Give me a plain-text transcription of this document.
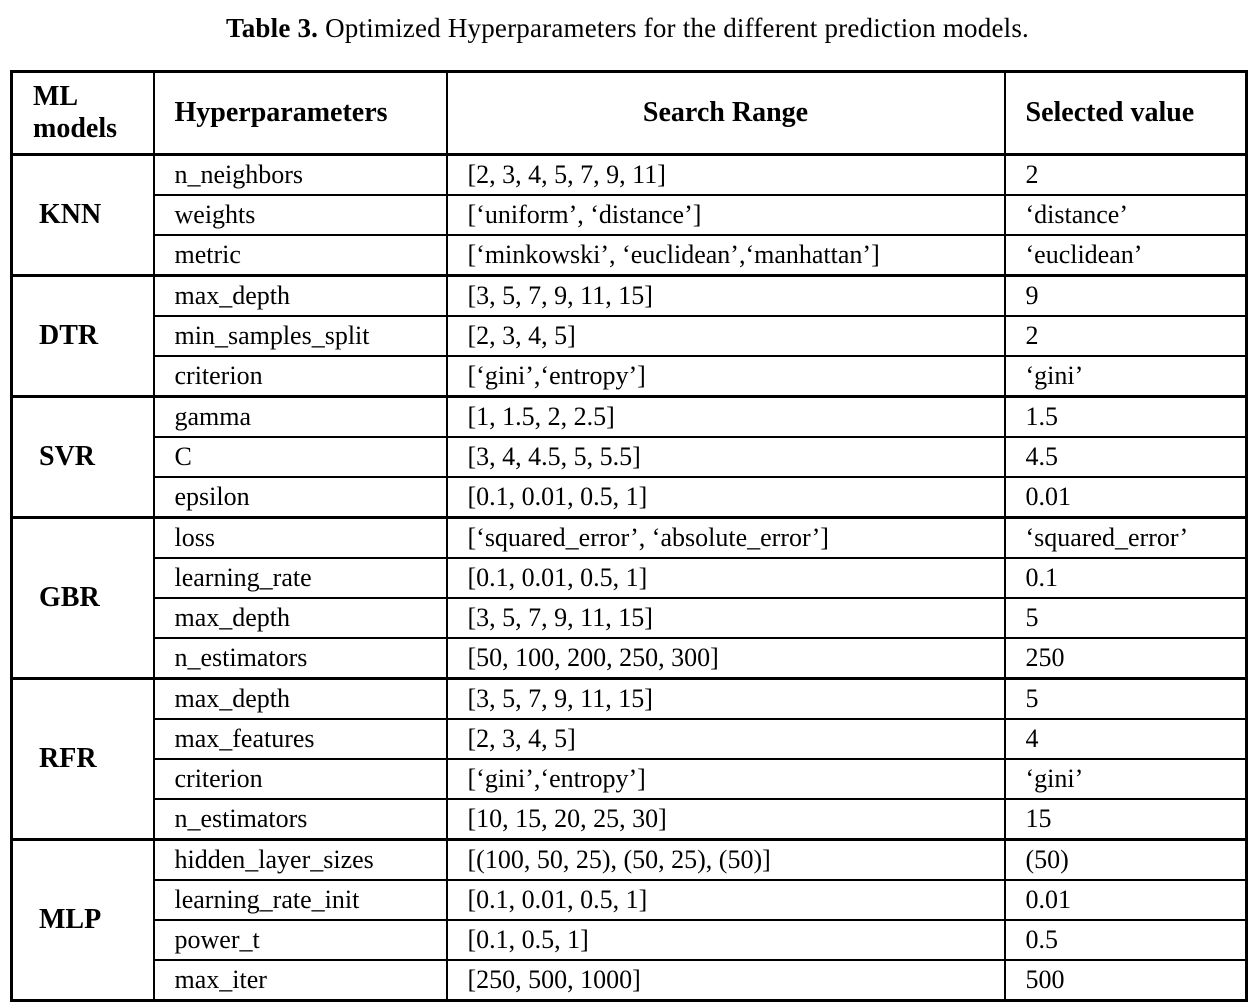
Table 3. Optimized Hyperparameters for the different prediction models.
ML models	Hyperparameters	Search Range	Selected value
KNN	n_neighbors	[2, 3, 4, 5, 7, 9, 11]	2
	weights	[‘uniform’, ‘distance’]	‘distance’
	metric	[‘minkowski’, ‘euclidean’,‘manhattan’]	‘euclidean’
DTR	max_depth	[3, 5, 7, 9, 11, 15]	9
	min_samples_split	[2, 3, 4, 5]	2
	criterion	[‘gini’,‘entropy’]	‘gini’
SVR	gamma	[1, 1.5, 2, 2.5]	1.5
	C	[3, 4, 4.5, 5, 5.5]	4.5
	epsilon	[0.1, 0.01, 0.5, 1]	0.01
GBR	loss	[‘squared_error’, ‘absolute_error’]	‘squared_error’
	learning_rate	[0.1, 0.01, 0.5, 1]	0.1
	max_depth	[3, 5, 7, 9, 11, 15]	5
	n_estimators	[50, 100, 200, 250, 300]	250
RFR	max_depth	[3, 5, 7, 9, 11, 15]	5
	max_features	[2, 3, 4, 5]	4
	criterion	[‘gini’,‘entropy’]	‘gini’
	n_estimators	[10, 15, 20, 25, 30]	15
MLP	hidden_layer_sizes	[(100, 50, 25), (50, 25), (50)]	(50)
	learning_rate_init	[0.1, 0.01, 0.5, 1]	0.01
	power_t	[0.1, 0.5, 1]	0.5
	max_iter	[250, 500, 1000]	500
